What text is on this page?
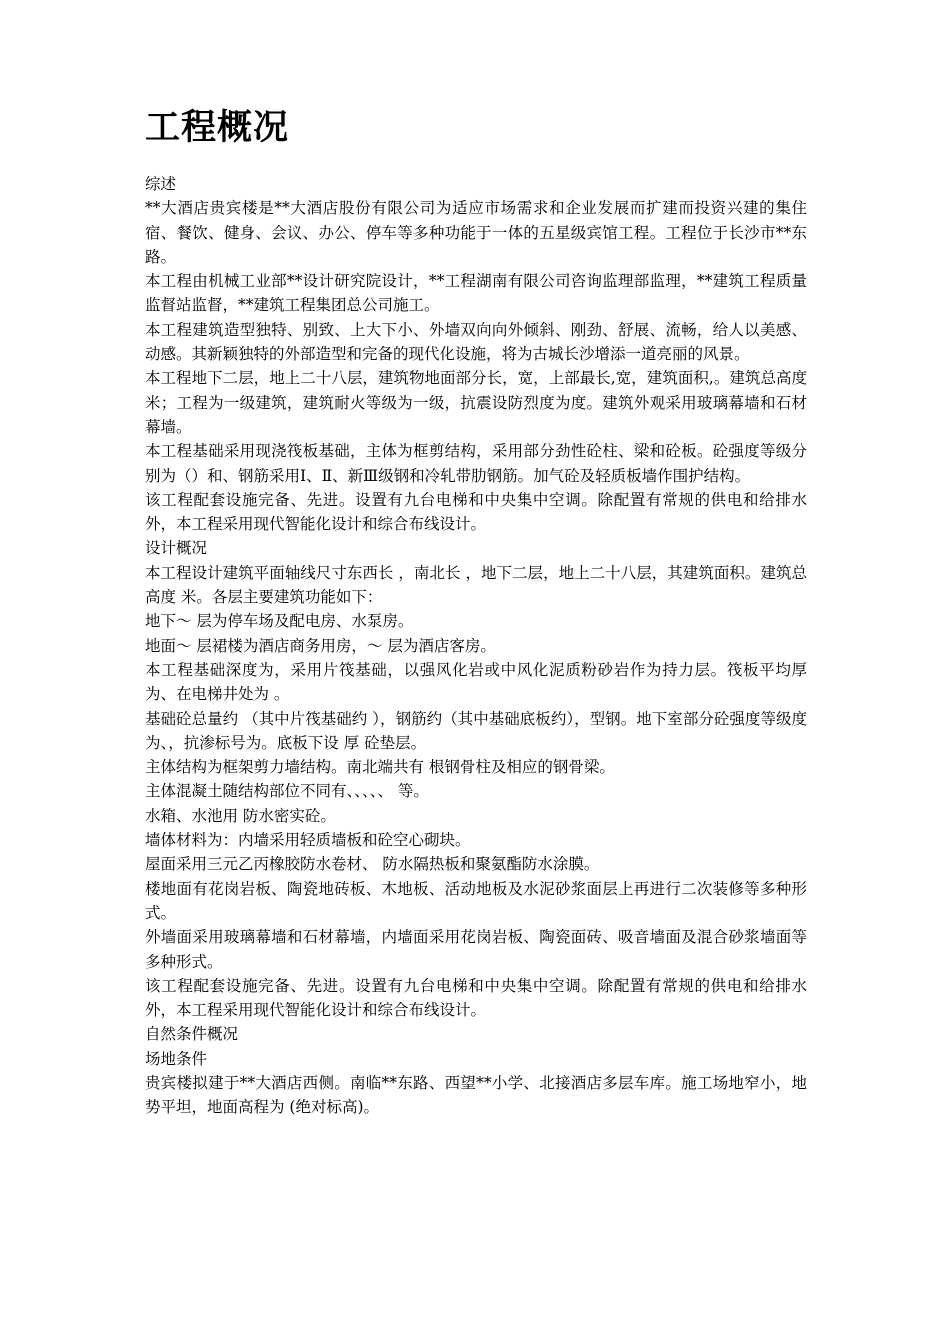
工程概况

综述

**大酒店贵宾楼是**大酒店股份有限公司为适应市场需求和企业发展而扩建而投资兴建的集住宿、餐饮、健身、会议、办公、停车等多种功能于一体的五星级宾馆工程。工程位于长沙市**东路。

本工程由机械工业部**设计研究院设计，**工程湖南有限公司咨询监理部监理，**建筑工程质量监督站监督，**建筑工程集团总公司施工。

本工程建筑造型独特、别致、上大下小、外墙双向向外倾斜、刚劲、舒展、流畅，给人以美感、动感。其新颖独特的外部造型和完备的现代化设施，将为古城长沙增添一道亮丽的风景。

本工程地下二层，地上二十八层，建筑物地面部分长，宽，上部最长,宽，建筑面积,。建筑总高度 米；工程为一级建筑，建筑耐火等级为一级，抗震设防烈度为度。建筑外观采用玻璃幕墙和石材幕墙。

本工程基础采用现浇筏板基础，主体为框剪结构，采用部分劲性砼柱、梁和砼板。砼强度等级分别为（）和、钢筋采用Ⅰ、Ⅱ、新Ⅲ级钢和冷轧带肋钢筋。加气砼及轻质板墙作围护结构。

该工程配套设施完备、先进。设置有九台电梯和中央集中空调。除配置有常规的供电和给排水外，本工程采用现代智能化设计和综合布线设计。

设计概况

本工程设计建筑平面轴线尺寸东西长 ，南北长 ，地下二层，地上二十八层，其建筑面积。建筑总高度 米。各层主要建筑功能如下：

地下～ 层为停车场及配电房、水泵房。

地面～ 层裙楼为酒店商务用房，～ 层为酒店客房。

本工程基础深度为，采用片筏基础，以强风化岩或中风化泥质粉砂岩作为持力层。筏板平均厚为、在电梯井处为 。

基础砼总量约 （其中片筏基础约 ），钢筋约（其中基础底板约），型钢。地下室部分砼强度等级度为、，抗渗标号为。底板下设 厚 砼垫层。

主体结构为框架剪力墙结构。南北端共有 根钢骨柱及相应的钢骨梁。

主体混凝土随结构部位不同有、、、、、 等。

水箱、水池用 防水密实砼。

墙体材料为：内墙采用轻质墙板和砼空心砌块。

屋面采用三元乙丙橡胶防水卷材、 防水隔热板和聚氨酯防水涂膜。

楼地面有花岗岩板、陶瓷地砖板、木地板、活动地板及水泥砂浆面层上再进行二次装修等多种形式。

外墙面采用玻璃幕墙和石材幕墙，内墙面采用花岗岩板、陶瓷面砖、吸音墙面及混合砂浆墙面等多种形式。

该工程配套设施完备、先进。设置有九台电梯和中央集中空调。除配置有常规的供电和给排水外，本工程采用现代智能化设计和综合布线设计。

自然条件概况

场地条件

贵宾楼拟建于**大酒店西侧。南临**东路、西望**小学、北接酒店多层车库。施工场地窄小，地势平坦，地面高程为 (绝对标高)。
